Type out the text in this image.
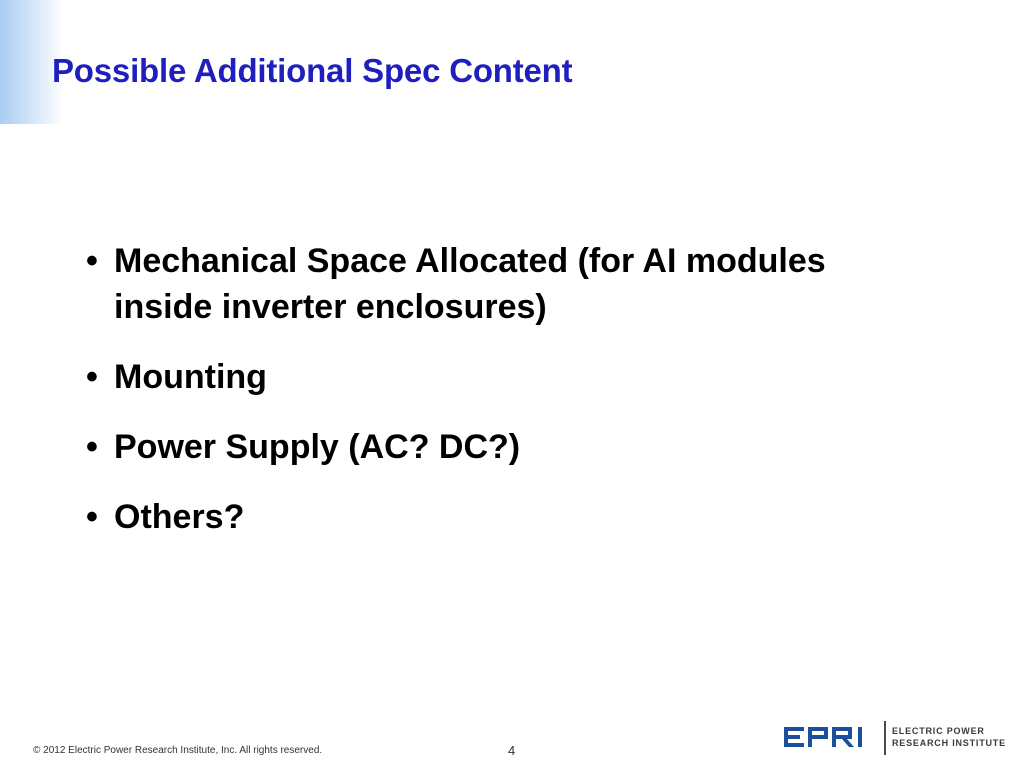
Possible Additional Spec Content
• Mechanical Space Allocated (for AI modules inside inverter enclosures)
• Mounting
• Power Supply (AC? DC?)
• Others?
© 2012 Electric Power Research Institute, Inc. All rights reserved.	4
ELECTRIC POWER
RESEARCH INSTITUTE
